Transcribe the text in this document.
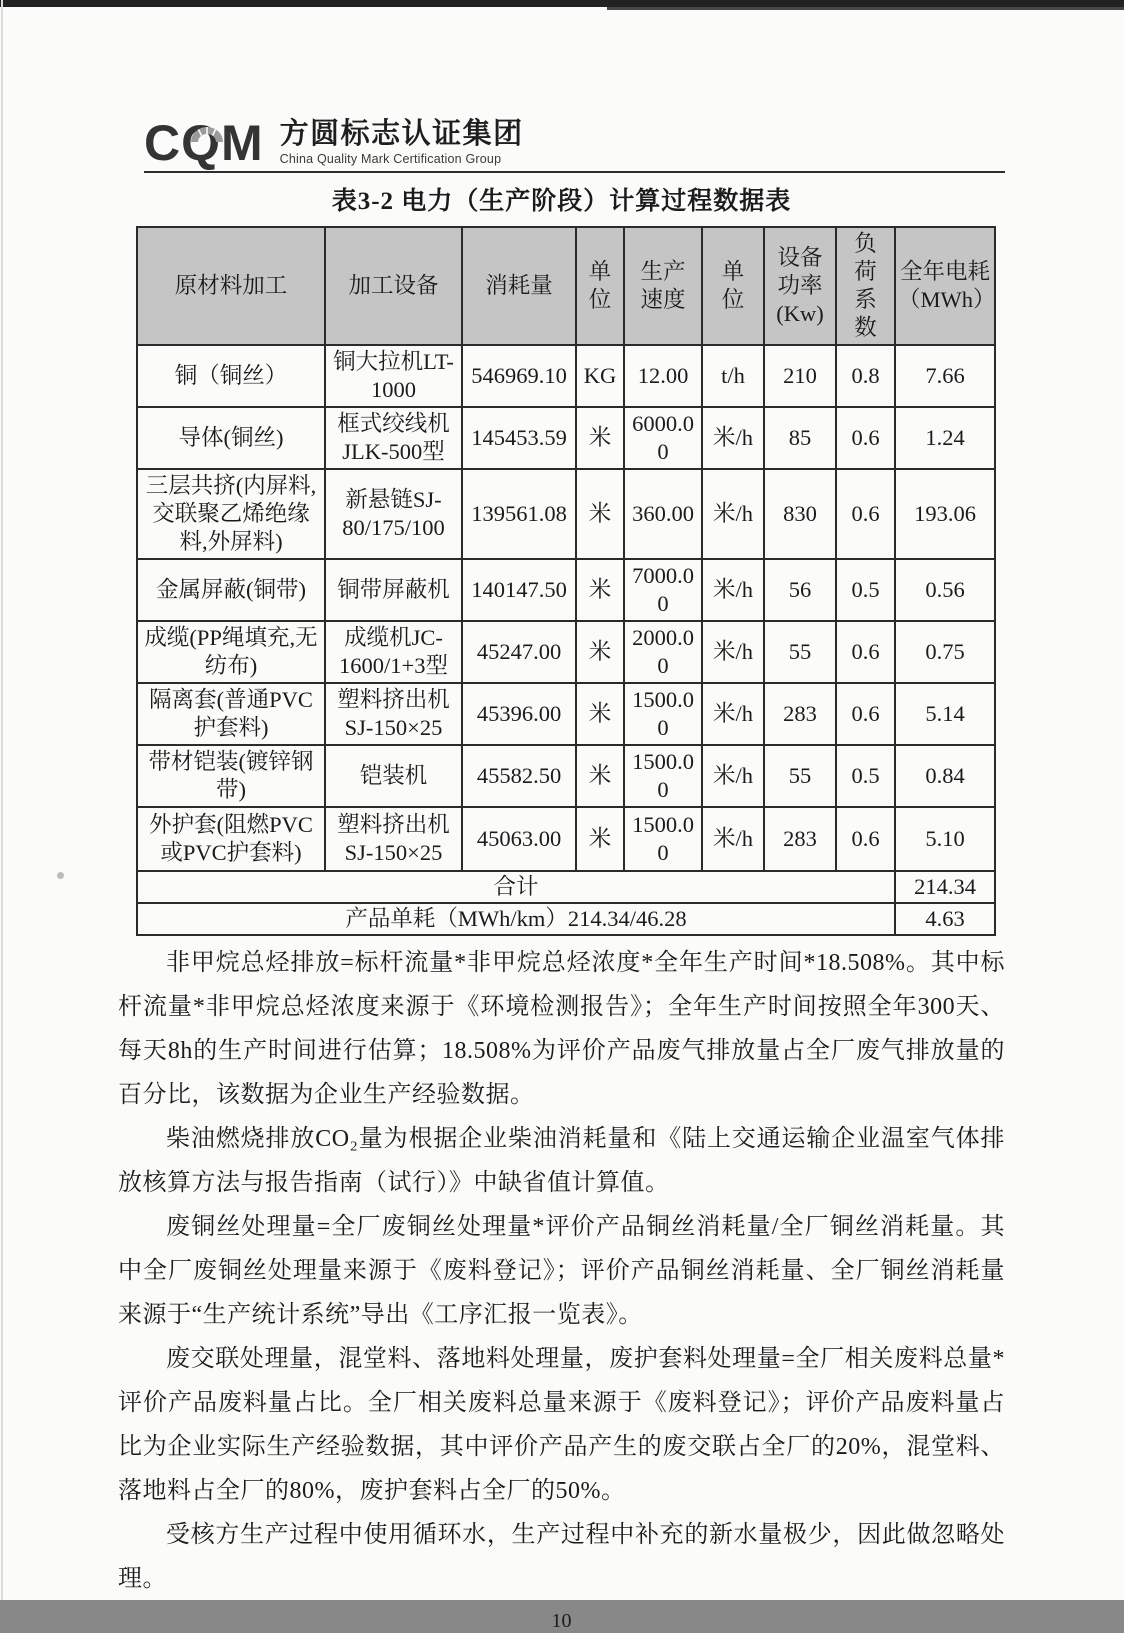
CQM 方圆标志认证集团
China Quality Mark Certification Group
表3-2 电力（生产阶段）计算过程数据表
原材料加工	加工设备	消耗量	单位	生产速度	单位	设备功率(Kw)	负荷系数	全年电耗（MWh）
铜（铜丝）	铜大拉机LT-1000	546969.10	KG	12.00	t/h	210	0.8	7.66
导体(铜丝)	框式绞线机JLK-500型	145453.59	米	6000.00	米/h	85	0.6	1.24
三层共挤(内屏料,交联聚乙烯绝缘料,外屏料)	新悬链SJ-80/175/100	139561.08	米	360.00	米/h	830	0.6	193.06
金属屏蔽(铜带)	铜带屏蔽机	140147.50	米	7000.00	米/h	56	0.5	0.56
成缆(PP绳填充,无纺布)	成缆机JC-1600/1+3型	45247.00	米	2000.00	米/h	55	0.6	0.75
隔离套(普通PVC护套料)	塑料挤出机SJ-150×25	45396.00	米	1500.00	米/h	283	0.6	5.14
带材铠装(镀锌钢带)	铠装机	45582.50	米	1500.00	米/h	55	0.5	0.84
外护套(阻燃PVC或PVC护套料)	塑料挤出机SJ-150×25	45063.00	米	1500.00	米/h	283	0.6	5.10
合计								214.34
产品单耗（MWh/km）214.34/46.28								4.63

非甲烷总烃排放=标杆流量*非甲烷总烃浓度*全年生产时间*18.508%。其中标杆流量*非甲烷总烃浓度来源于《环境检测报告》；全年生产时间按照全年300天、每天8h的生产时间进行估算；18.508%为评价产品废气排放量占全厂废气排放量的百分比，该数据为企业生产经验数据。

柴油燃烧排放CO₂量为根据企业柴油消耗量和《陆上交通运输企业温室气体排放核算方法与报告指南（试行）》中缺省值计算值。

废铜丝处理量=全厂废铜丝处理量*评价产品铜丝消耗量/全厂铜丝消耗量。其中全厂废铜丝处理量来源于《废料登记》；评价产品铜丝消耗量、全厂铜丝消耗量来源于“生产统计系统”导出《工序汇报一览表》。

废交联处理量，混堂料、落地料处理量，废护套料处理量=全厂相关废料总量*评价产品废料量占比。全厂相关废料总量来源于《废料登记》；评价产品废料量占比为企业实际生产经验数据，其中评价产品产生的废交联占全厂的20%，混堂料、落地料占全厂的80%，废护套料占全厂的50%。

受核方生产过程中使用循环水，生产过程中补充的新水量极少，因此做忽略处理。

10
